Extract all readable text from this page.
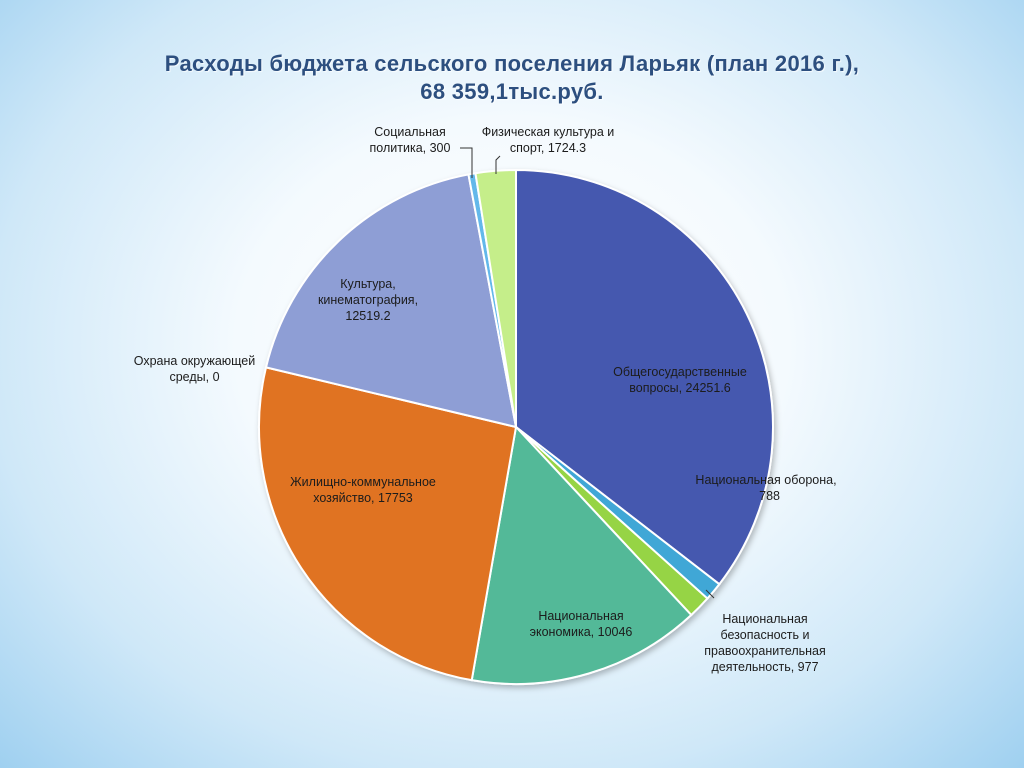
Расходы бюджета сельского поселения Ларьяк (план 2016 г.),
68 359,1тыс.руб.
Общегосударственные
вопросы, 24251.6
Национальная оборона,
788
Национальная
безопасность и
правоохранительная
деятельность, 977
Национальная
экономика, 10046
Жилищно-коммунальное
хозяйство, 17753
Охрана окружающей
среды, 0
Культура,
кинематография,
12519.2
Социальная
политика, 300
Физическая культура и
спорт, 1724.3
